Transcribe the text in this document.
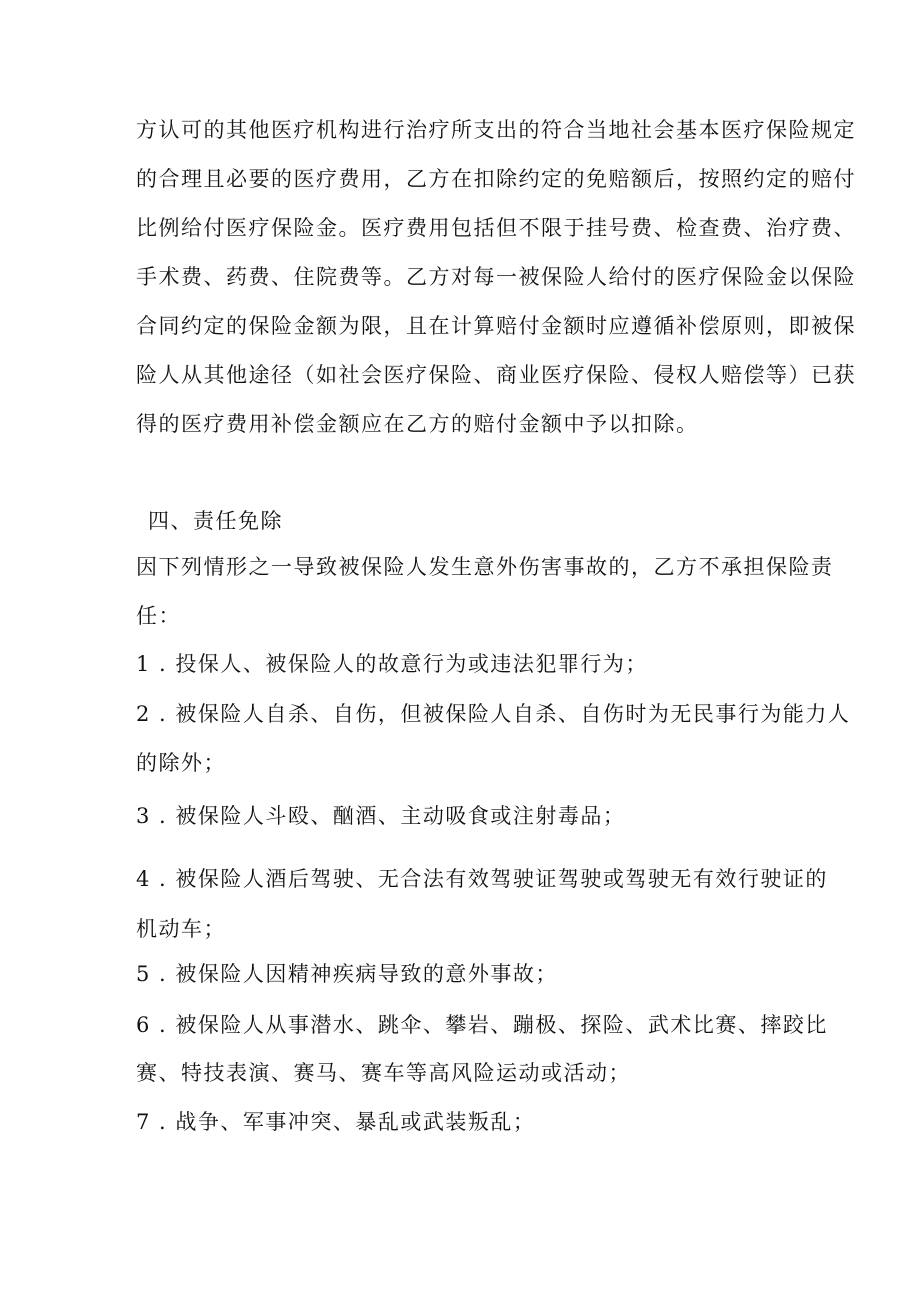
方认可的其他医疗机构进行治疗所支出的符合当地社会基本医疗保险规定
的合理且必要的医疗费用，乙方在扣除约定的免赔额后，按照约定的赔付
比例给付医疗保险金。医疗费用包括但不限于挂号费、检查费、治疗费、
手术费、药费、住院费等。乙方对每一被保险人给付的医疗保险金以保险
合同约定的保险金额为限，且在计算赔付金额时应遵循补偿原则，即被保
险人从其他途径（如社会医疗保险、商业医疗保险、侵权人赔偿等）已获
得的医疗费用补偿金额应在乙方的赔付金额中予以扣除。
四、责任免除
因下列情形之一导致被保险人发生意外伤害事故的，乙方不承担保险责
任：
1 . 投保人、被保险人的故意行为或违法犯罪行为；
2 . 被保险人自杀、自伤，但被保险人自杀、自伤时为无民事行为能力人
的除外；
3 . 被保险人斗殴、酗酒、主动吸食或注射毒品；
4 . 被保险人酒后驾驶、无合法有效驾驶证驾驶或驾驶无有效行驶证的
机动车；
5 . 被保险人因精神疾病导致的意外事故；
6 . 被保险人从事潜水、跳伞、攀岩、蹦极、探险、武术比赛、摔跤比
赛、特技表演、赛马、赛车等高风险运动或活动；
7 . 战争、军事冲突、暴乱或武装叛乱；
